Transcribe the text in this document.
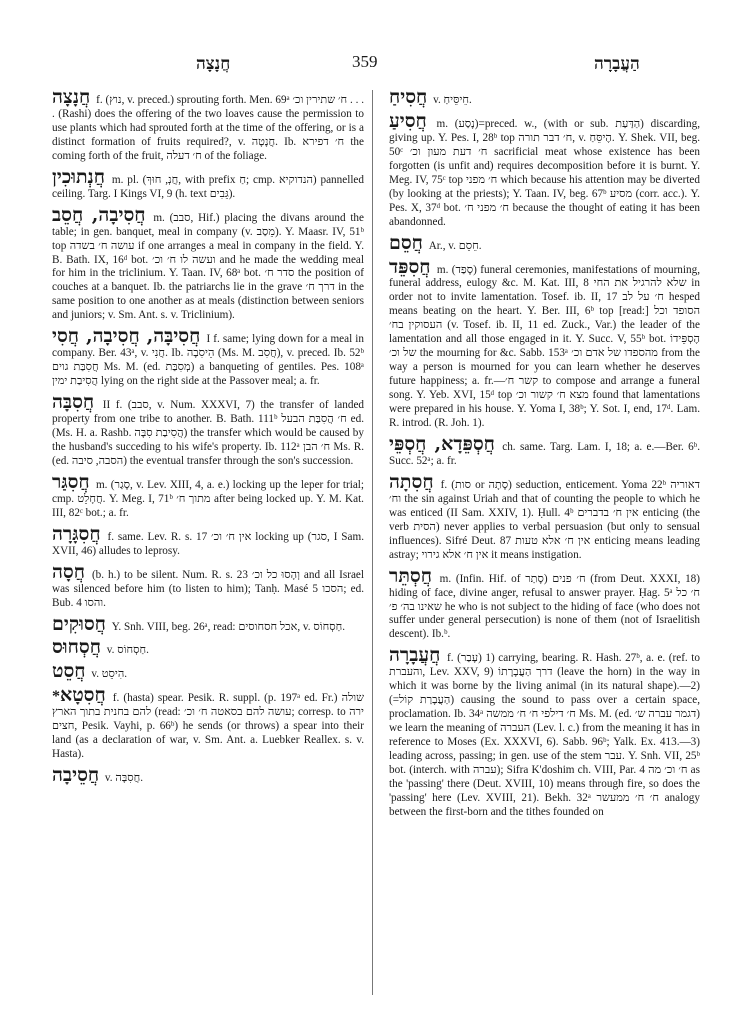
חֲנָצָה	359	הַעֲבָרָה

חֲנָצָה f. (נוץ, v. preced.) sprouting forth. Men. 69ᵃ ח׳ שתירין וכ׳ . . . . (Rashi) does the offering of the two loaves cause the permission to use plants which had sprouted forth at the time of the offering, or is a distinct formation of fruits required?, v. חֲנָטָה. Ib. ח׳ דפירא the coming forth of the fruit, ח׳ דעלה of the foliage.

חֲנְתוּכִין m. pl. (חֲנְ, חוּךְ, with prefix חַ; cmp. הנדוקיא) pannelled ceiling. Targ. I Kings VI, 9 (h. text גֵּבִים).

חֲסִיבָה, חֲסֵב m. (סבב, Hif.) placing the divans around the table; in gen. banquet, meal in company (v. מֵסַב). Y. Maasr. IV, 51ᵇ top עושה ח׳ בשדה if one arranges a meal in company in the field. Y. B. Bath. IX, 16ᵈ bot. ועשה לו ח׳ וכ׳ and he made the wedding meal for him in the triclinium. Y. Taan. IV, 68ᵃ bot. סדר ח׳ the position of couches at a banquet. Ib. the patriarchs lie in the grave דרך ח׳ in the same position to one another as at meals (distinction between seniors and juniors; v. Sm. Ant. s. v. Triclinium).

חֲסִיבָּה, חֲסִיבָה, חֲסִי I f. same; lying down for a meal in company. Ber. 43ᵃ, v. חֲנִי. Ib. הֵיסִבָה (Ms. M. חֲסִב), v. preced. Ib. 52ᵇ חֲסִבַּת גוים Ms. M. (ed. מְסִבַּת) a banqueting of gentiles. Pes. 108ᵃ הֲסִיבַת ימין lying on the right side at the Passover meal; a. fr.

חֲסִבָּה II f. (סבב, v. Num. XXXVI, 7) the transfer of landed property from one tribe to another. B. Bath. 111ᵇ ח׳ הֲסִבַּת הבעל ed. (Ms. H. a. Rashb. הֲסִיבַת סִבָּה) the transfer which would be caused by the husband's succeding to his wife's property. Ib. 112ᵃ ח׳ הבן Ms. R. (ed. הסבה, סיבה) the eventual transfer through the son's succession.

חֲסִגַּר m. (סָגַר, v. Lev. XIII, 4, a. e.) locking up the leper for trial; cmp. חֲחָלֵט. Y. Meg. I, 71ᵇ מתוך ח׳ after being locked up. Y. M. Kat. III, 82ᶜ bot.; a. fr.

חֲסִגָּרָה f. same. Lev. R. s. 17 אין ח׳ וכ׳ locking up (סגר, I Sam. XVII, 46) alludes to leprosy.

חֲסָה (b. h.) to be silent. Num. R. s. 23 וְהָסוּ כל וכ׳ and all Israel was silenced before him (to listen to him); Tanḥ. Masé 5 הסכו; ed. Bub. 4 והסו.

חֲסוּקִים Y. Snh. VIII, beg. 26ᵃ, read: אכל חסחוסים, v. חַסְחוֹס.

חֲסְחוּס v. חַסְחוֹס.

חֲסֵט v. הִיסֵט.

*חֲסִטָא f. (hasta) spear. Pesik. R. suppl. (p. 197ᵃ ed. Fr.) שולה להם בחנית בתוך הארץ (read: עושה להם בסאטה ח׳ וכ׳; corresp. to ירה חצים, Pesik. Vayhi, p. 66ᵇ) he sends (or throws) a spear into their land (as a declaration of war, v. Sm. Ant. a. Luebker Reallex. s. v. Hasta).

חֲסֵיבָה v. חֲסִבָּה.

חֲסִיחַ v. חֵיסֵּיחַ.

חֲסִיעַ m. (נָסַע)=preced. w., (with or sub. הַדַּעַת) discarding, giving up. Y. Pes. I, 28ᵇ top ח׳ דבר תורה, v. הֶיסֵּחַ. Y. Shek. VII, beg. 50ᶜ ח׳ דעת מעון וכ׳ sacrificial meat whose existence has been forgotten (is unfit and) requires decomposition before it is burnt. Y. Meg. IV, 75ᶜ top ח׳ מפני which because his attention may be diverted (by looking at the priests); Y. Taan. IV, beg. 67ᵇ מסיע (corr. acc.). Y. Pes. X, 37ᵈ bot. ח׳ מפני ח׳ because the thought of eating it has been abandonned.

חֲסֵם Ar., v. חֵסֵם.

חֲסִפֵּד m. (סָפַד) funeral ceremonies, manifestations of mourning, funeral address, eulogy &c. M. Kat. III, 8 שלא להרגיל את החי in order not to invite lamentation. Tosef. ib. II, 17 ח׳ על לב hesped means beating on the heart. Y. Ber. III, 6ᵇ top [read:] הסופד וכל העסוקין בח׳ (v. Tosef. ib. II, 11 ed. Zuck., Var.) the leader of the lamentation and all those engaged in it. Y. Succ. V, 55ᵇ bot. הֶסְפֵּידוֹ של וכ׳ the mourning for &c. Sabb. 153ᵃ מהספדו של אדם וכ׳ from the way a person is mourned for you can learn whether he deserves future happiness; a. fr.—קשר ח׳ to compose and arrange a funeral song. Y. Yeb. XVI, 15ᵈ top מצא ח׳ קשור וכ׳ found that lamentations were prepared in his house. Y. Yoma I, 38ᵇ; Y. Sot. I, end, 17ᵈ. Lam. R. introd. (R. Joh. 1).

חֲסְפֵּדָא, חֲסְפֵּי ch. same. Targ. Lam. I, 18; a. e.—Ber. 6ᵇ. Succ. 52ᵃ; a. fr.

חֲסִתָה f. (סות or סָתָה) seduction, enticement. Yoma 22ᵇ דאוריה וח׳ the sin against Uriah and that of counting the people to which he was enticed (II Sam. XXIV, 1). Ḥull. 4ᵇ אין ח׳ בדברים enticing (the verb הסית) never applies to verbal persuasion (but only to sensual influences). Sifré Deut. 87 אין ח׳ אלא טעות enticing means leading astray; אין ח׳ אלא גירוי it means instigation.

חֲסְתֵּר m. (Infin. Hif. of סָתַר) ח׳ פנים (from Deut. XXXI, 18) hiding of face, divine anger, refusal to answer prayer. Ḥag. 5ᵃ ח׳ כל שאינו בה׳ פ׳ he who is not subject to the hiding of face (who does not suffer under general persecution) is none of them (not of Israelitish descent). Ib.ᵇ.

חֲעֲבָרָה f. (עָבַר) 1) carrying, bearing. R. Hash. 27ᵇ, a. e. (ref. to והעברת, Lev. XXV, 9) דרך הַעֲבָרָתוֹ (leave the horn) in the way in which it was borne by the living animal (in its natural shape).—2) (=הַעֲבָרַת קוֹל) causing the sound to pass over a certain space, proclamation. Ib. 34ᵃ ח׳ דילפי ח׳ ח׳ ממשה Ms. M. (ed. דגמר עברה ש׳) we learn the meaning of העברה (Lev. l. c.) from the meaning it has in reference to Moses (Ex. XXXVI, 6). Sabb. 96ᵇ; Yalk. Ex. 413.—3) leading across, passing; in gen. use of the stem עבר. Y. Snh. VII, 25ᵇ bot. (interch. with עברה); Sifra K'doshim ch. VIII, Par. 4 ח׳ וכ׳ מה as the 'passing' there (Deut. XVIII, 10) means through fire, so does the 'passing' here (Lev. XVIII, 21). Bekh. 32ᵃ ח׳ ח׳ ממעשר analogy between the first-born and the tithes founded on
